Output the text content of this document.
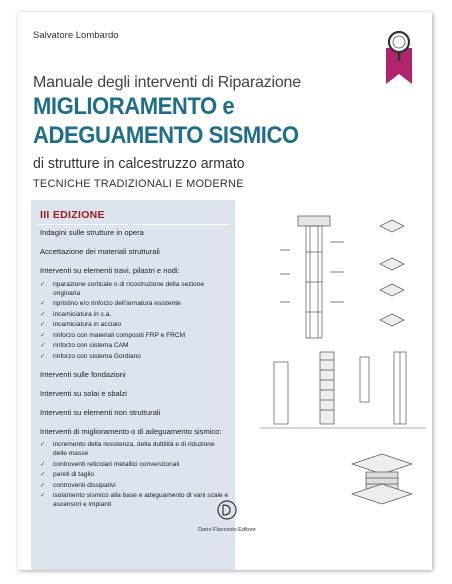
Salvatore Lombardo
Manuale degli interventi di Riparazione
MIGLIORAMENTO e
ADEGUAMENTO SISMICO
di strutture in calcestruzzo armato
TECNICHE TRADIZIONALI E MODERNE
III EDIZIONE
Indagini sulle strutture in opera
Accettazione dei materiali strutturali
Interventi su elementi travi, pilastri e nodi:
✓ riparazione corticale o di ricostruzione della sezione originaria
✓ ripristino e/o rinforzo dell'armatura esistente
✓ incamiciatura in c.a.
✓ incamiciatura in acciaio
✓ rinforzo con materiali compositi FRP e FRCM
✓ rinforzo con sistema CAM
✓ rinforzo con sistema Gordiano
Interventi sulle fondazioni
Interventi su solai e sbalzi
Interventi su elementi non strutturali
Interventi di miglioramento o di adeguamento sismico:
✓ incremento della resistenza, della duttilità e di riduzione delle masse
✓ controventi reticolari metallici convenzionali
✓ pareti di taglio
✓ controventi dissipativi
✓ isolamento sismico alla base e adeguamento di vani scale e ascensori e impianti
Dario Flaccovio Editore
